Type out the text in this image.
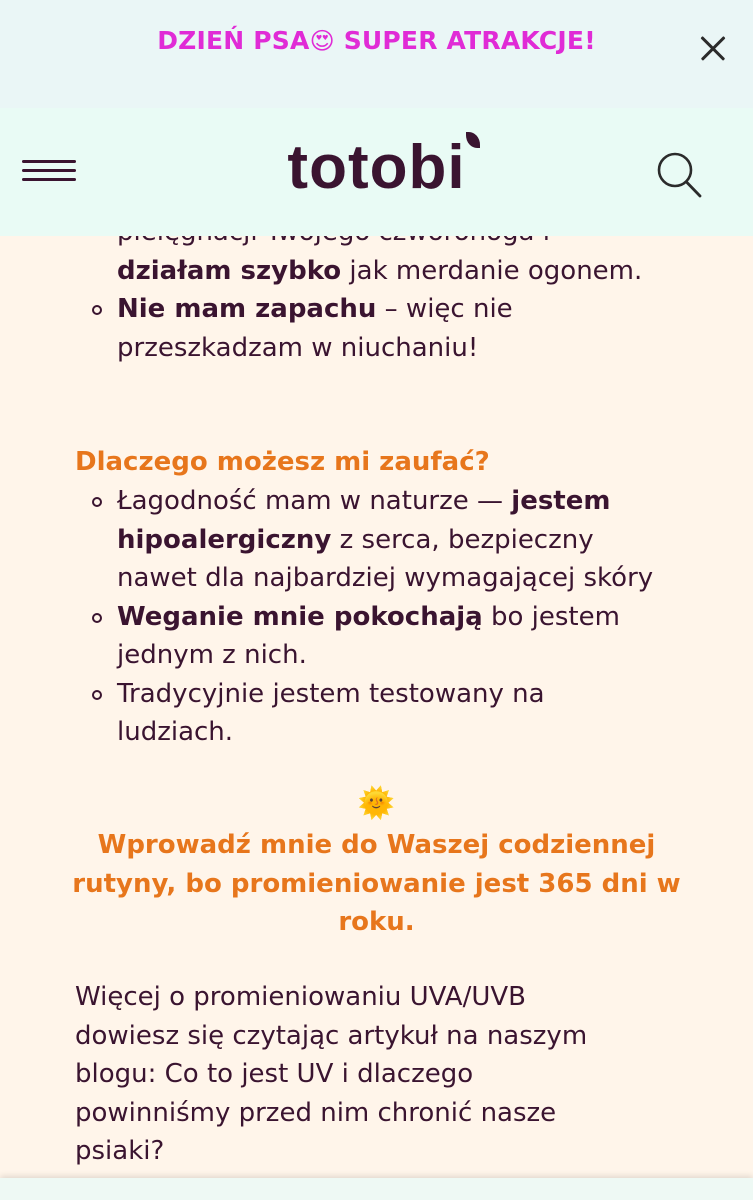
DZIEŃ PSA😍 SUPER ATRAKCJE!
totobi
działam szybko jak merdanie ogonem.
Nie mam zapachu – więc nie przeszkadzam w niuchaniu!
Dlaczego możesz mi zaufać?
Łagodność mam w naturze — jestem hipoalergiczny z serca, bezpieczny nawet dla najbardziej wymagającej skóry
Weganie mnie pokochają bo jestem jednym z nich.
Tradycyjnie jestem testowany na ludziach.
🌞
Wprowadź mnie do Waszej codziennej rutyny, bo promieniowanie jest 365 dni w roku.
Więcej o promieniowaniu UVA/UVB dowiesz się czytając artykuł na naszym blogu: Co to jest UV i dlaczego powinniśmy przed nim chronić nasze psiaki?
